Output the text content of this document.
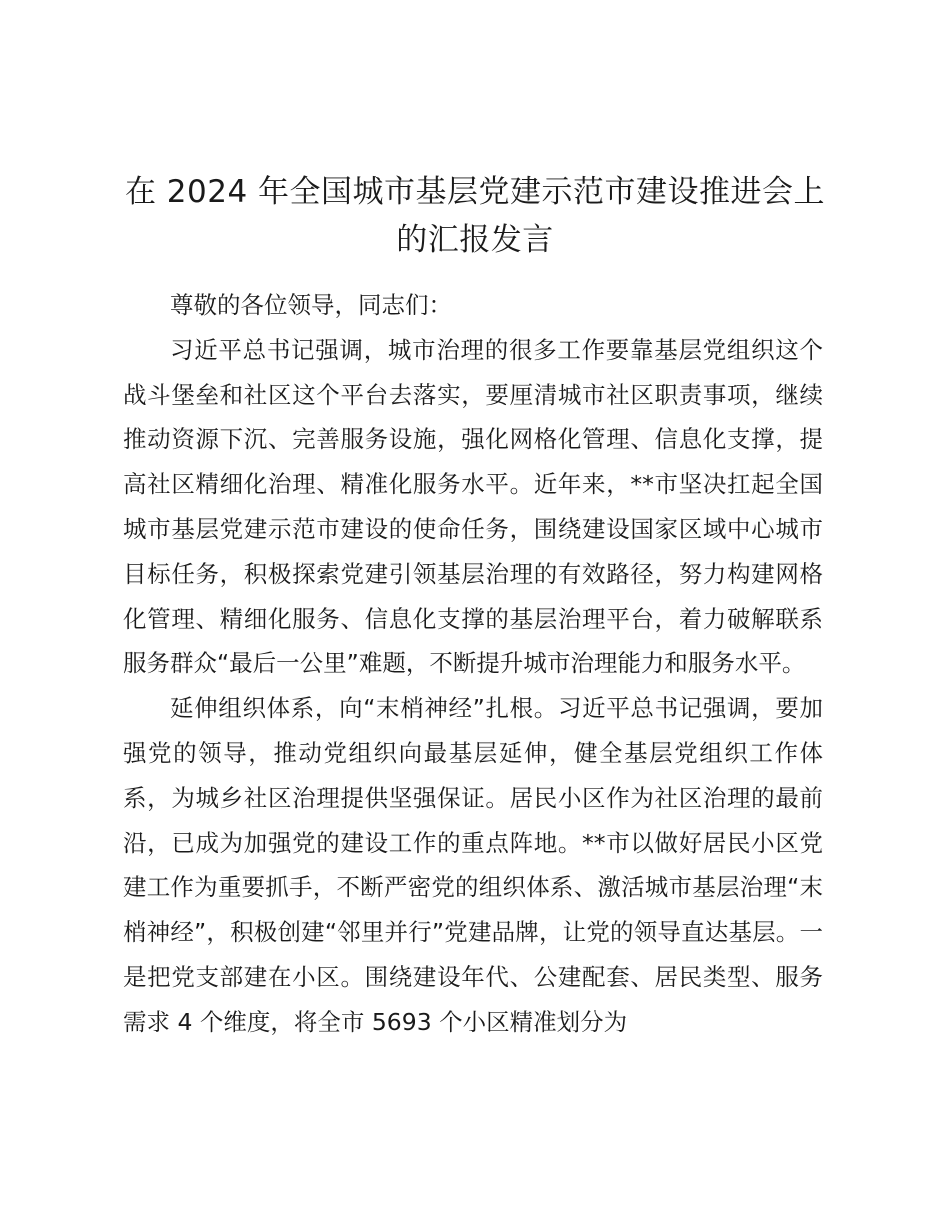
在 2024 年全国城市基层党建示范市建设推进会上的汇报发言

尊敬的各位领导，同志们：

习近平总书记强调，城市治理的很多工作要靠基层党组织这个战斗堡垒和社区这个平台去落实，要厘清城市社区职责事项，继续推动资源下沉、完善服务设施，强化网格化管理、信息化支撑，提高社区精细化治理、精准化服务水平。近年来，**市坚决扛起全国城市基层党建示范市建设的使命任务，围绕建设国家区域中心城市目标任务，积极探索党建引领基层治理的有效路径，努力构建网格化管理、精细化服务、信息化支撑的基层治理平台，着力破解联系服务群众“最后一公里”难题，不断提升城市治理能力和服务水平。

延伸组织体系，向“末梢神经”扎根。习近平总书记强调，要加强党的领导，推动党组织向最基层延伸，健全基层党组织工作体系，为城乡社区治理提供坚强保证。居民小区作为社区治理的最前沿，已成为加强党的建设工作的重点阵地。**市以做好居民小区党建工作为重要抓手，不断严密党的组织体系、激活城市基层治理“末梢神经”，积极创建“邻里并行”党建品牌，让党的领导直达基层。一是把党支部建在小区。围绕建设年代、公建配套、居民类型、服务需求 4 个维度，将全市 5693 个小区精准划分为
